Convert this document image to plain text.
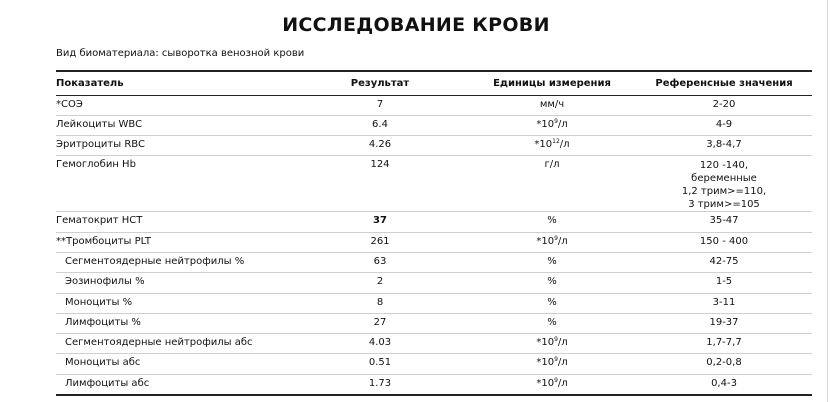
ИССЛЕДОВАНИЕ КРОВИ
Вид биоматериала: сыворотка венозной крови
Показатель	Результат	Единицы измерения	Референсные значения
*СОЭ	7	мм/ч	2-20

Лейкоциты WBC	6.4	$*10^9/л$	4-9

Эритроциты RBC	4.26	$*10^{12}/л$	3,8-4,7

Гемоглобин Hb	124	г/л	120 -140,
беременные
1,2 трим>=110,
3 трим>=105

Гематокрит HCT	37	%	35-47

**Тромбоциты PLT	261	$*10^9/л$	150 - 400

Сегментоядерные нейтрофилы %	63	%	42-75

Эозинофилы %	2	%	1-5

Моноциты %	8	%	3-11

Лимфоциты %	27	%	19-37

Сегментоядерные нейтрофилы абс	4.03	$*10^9/л$	1,7-7,7

Моноциты абс	0.51	$*10^9/л$	0,2-0,8

Лимфоциты абс	1.73	$*10^9/л$	0,4-3
